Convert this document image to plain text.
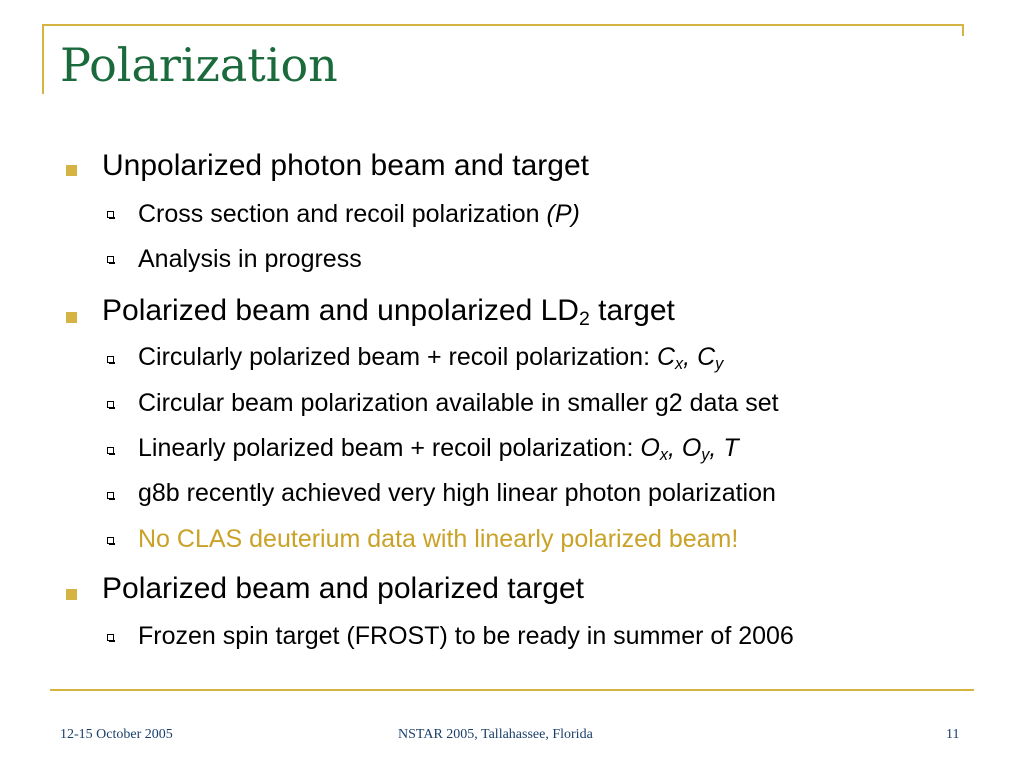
Polarization
Unpolarized photon beam and target
Cross section and recoil polarization (P)
Analysis in progress
Polarized beam and unpolarized $LD_2$ target
Circularly polarized beam + recoil polarization: $C_x$, $C_y$
Circular beam polarization available in smaller g2 data set
Linearly polarized beam + recoil polarization: $O_x$, $O_y$, T
g8b recently achieved very high linear photon polarization
No CLAS deuterium data with linearly polarized beam!
Polarized beam and polarized target
Frozen spin target (FROST) to be ready in summer of 2006
12-15 October 2005	NSTAR 2005, Tallahassee, Florida	11
